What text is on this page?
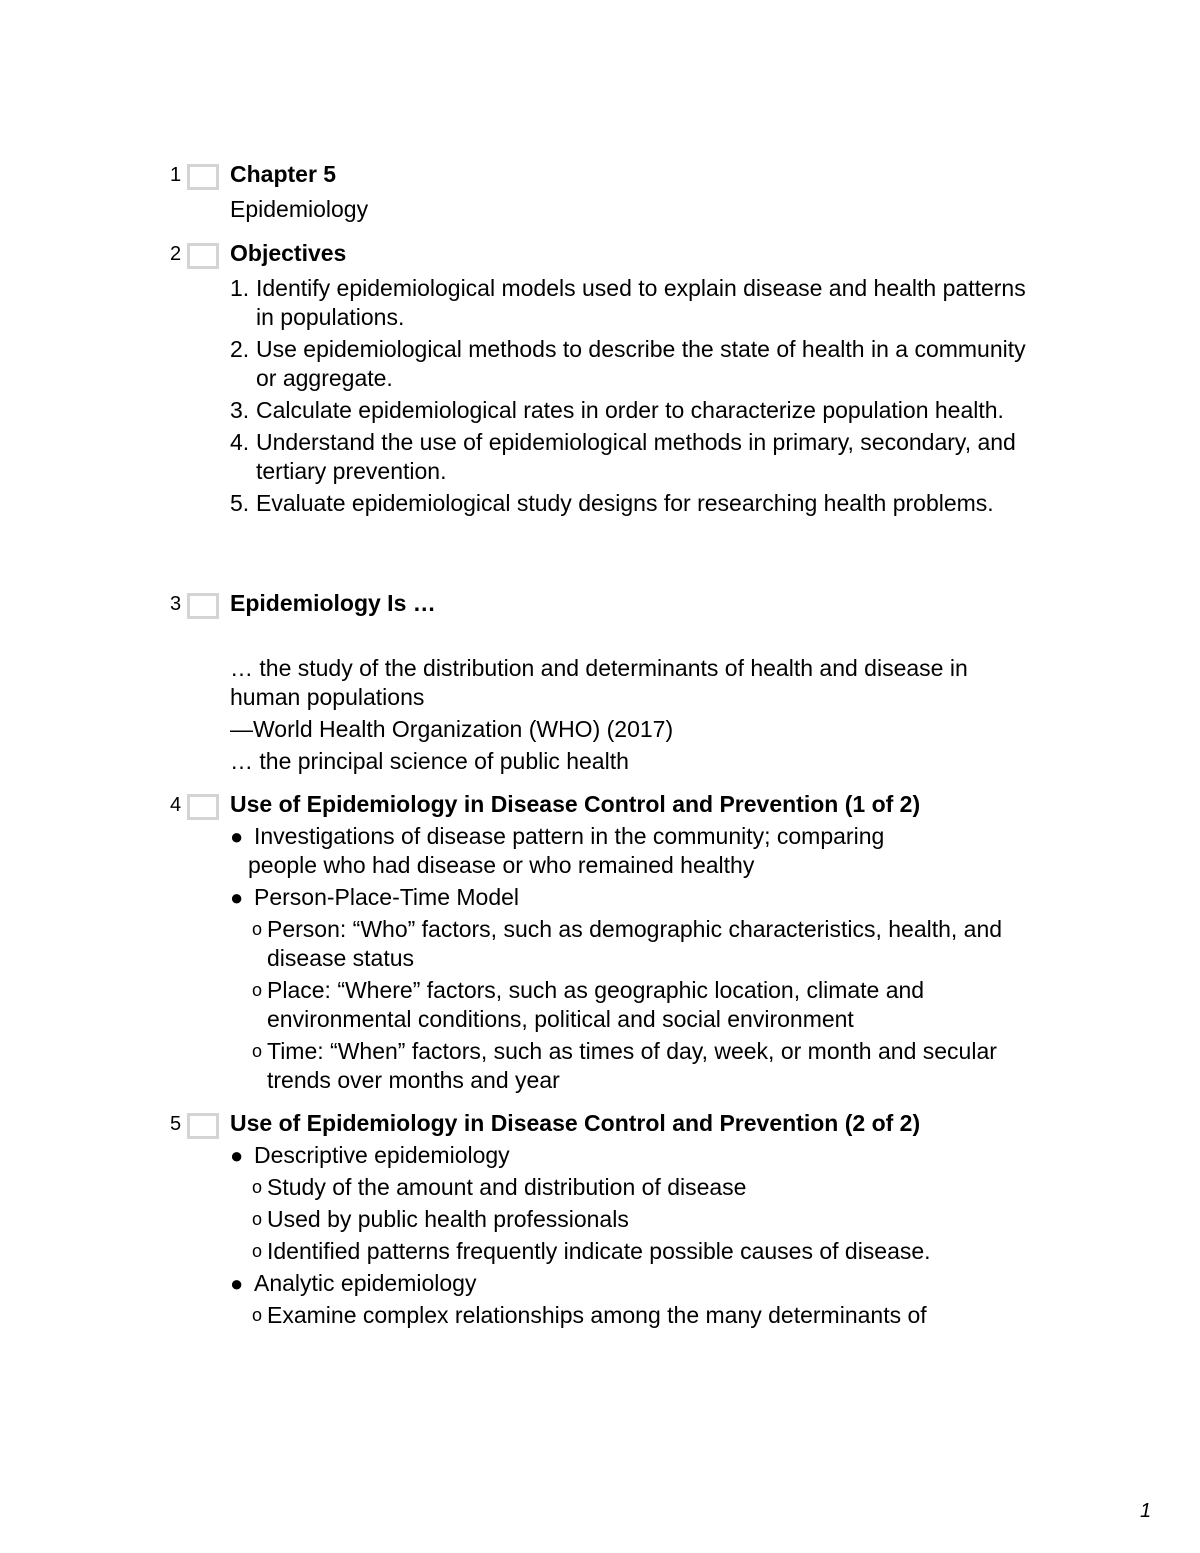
1 Chapter 5
Epidemiology
2 Objectives
1. Identify epidemiological models used to explain disease and health patterns in populations.
2. Use epidemiological methods to describe the state of health in a community or aggregate.
3. Calculate epidemiological rates in order to characterize population health.
4. Understand the use of epidemiological methods in primary, secondary, and tertiary prevention.
5. Evaluate epidemiological study designs for researching health problems.
3 Epidemiology Is …

… the study of the distribution and determinants of health and disease in human populations

—World Health Organization (WHO) (2017)

… the principal science of public health

4 Use of Epidemiology in Disease Control and Prevention (1 of 2)
● Investigations of disease pattern in the community; comparing
people who had disease or who remained healthy
● Person-Place-Time Model
o Person: “Who” factors, such as demographic characteristics, health, and disease status
o Place: “Where” factors, such as geographic location, climate and environmental conditions, political and social environment
o Time: “When” factors, such as times of day, week, or month and secular trends over months and year
5 Use of Epidemiology in Disease Control and Prevention (2 of 2)
● Descriptive epidemiology
o Study of the amount and distribution of disease
o Used by public health professionals
o Identified patterns frequently indicate possible causes of disease.
● Analytic epidemiology
o Examine complex relationships among the many determinants of
1
